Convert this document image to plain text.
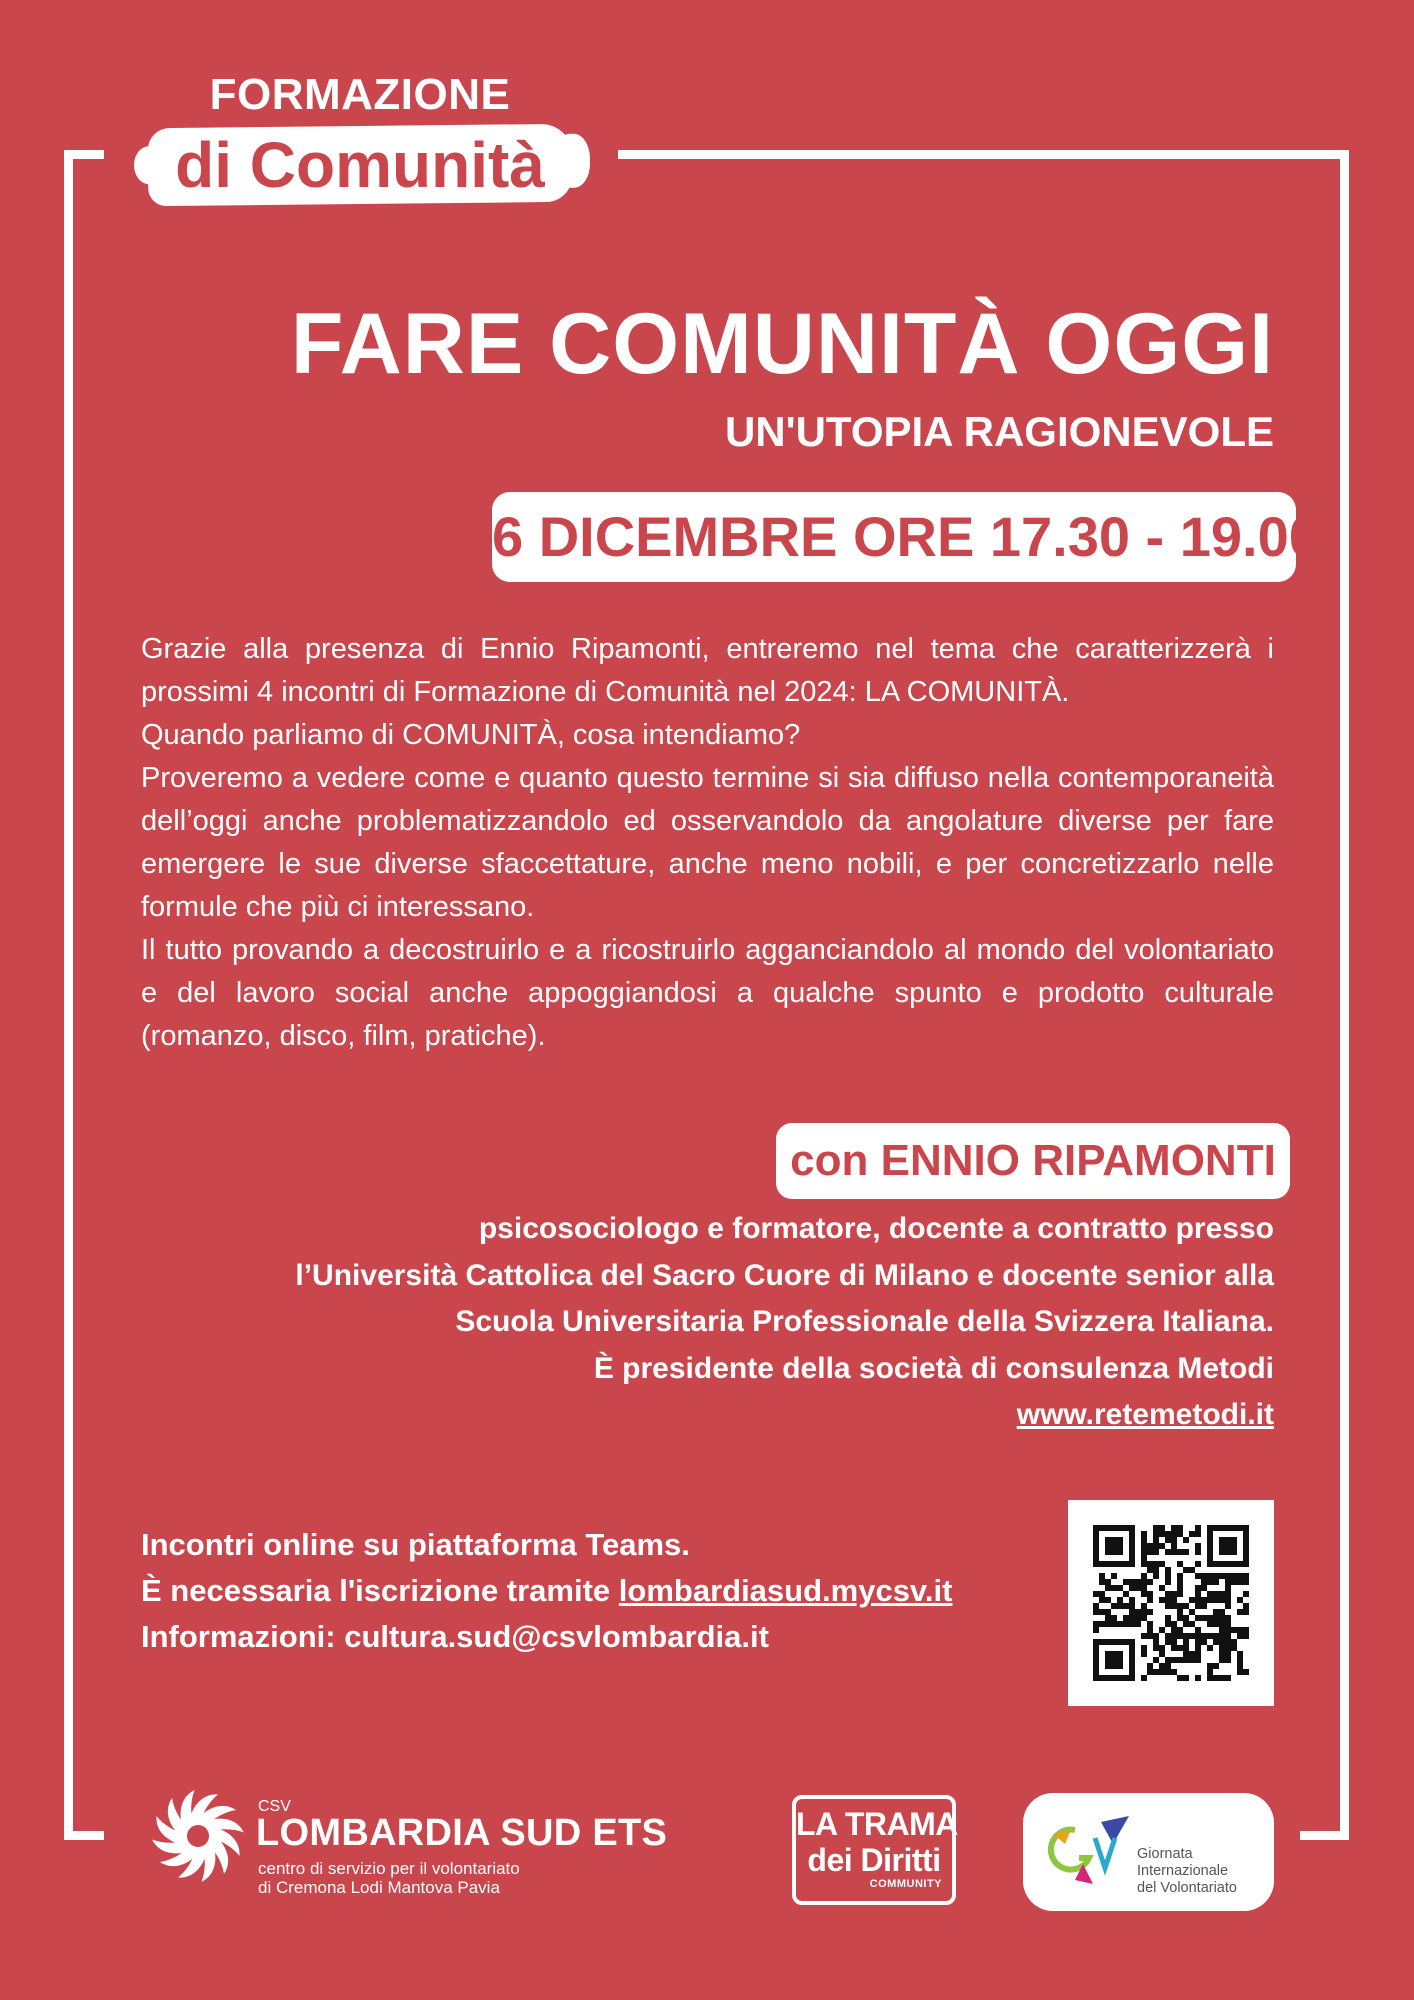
FORMAZIONE
di Comunità
FARE COMUNITÀ OGGI
UN'UTOPIA RAGIONEVOLE
6 DICEMBRE ORE 17.30 - 19.00

Grazie alla presenza di Ennio Ripamonti, entreremo nel tema che caratterizzerà i prossimi 4 incontri di Formazione di Comunità nel 2024: LA COMUNITÀ.

Quando parliamo di COMUNITÀ, cosa intendiamo?

Proveremo a vedere come e quanto questo termine si sia diffuso nella contemporaneità dell’oggi anche problematizzandolo ed osservandolo da angolature diverse per fare emergere le sue diverse sfaccettature, anche meno nobili, e per concretizzarlo nelle formule che più ci interessano.

Il tutto provando a decostruirlo e a ricostruirlo agganciandolo al mondo del volontariato e del lavoro social anche appoggiandosi a qualche spunto e prodotto culturale (romanzo, disco, film, pratiche).

con ENNIO RIPAMONTI
psicosociologo e formatore, docente a contratto presso
l’Università Cattolica del Sacro Cuore di Milano e docente senior alla
Scuola Universitaria Professionale della Svizzera Italiana.
È presidente della società di consulenza Metodi
www.retemetodi.it
Incontri online su piattaforma Teams.
È necessaria l'iscrizione tramite lombardiasud.mycsv.it
Informazioni: cultura.sud@csvlombardia.it
CSV
LOMBARDIA SUD ETS
centro di servizio per il volontariato
di Cremona Lodi Mantova Pavia
LA TRAMA
dei Diritti
COMMUNITY
Giornata
Internazionale
del Volontariato
